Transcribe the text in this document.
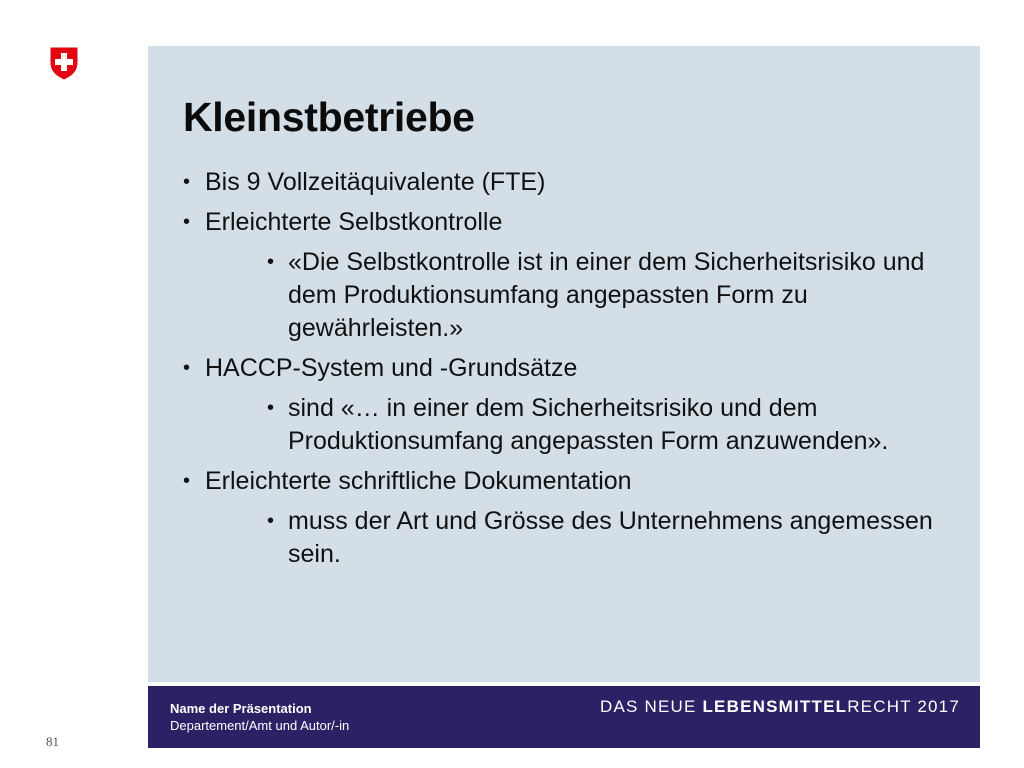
Kleinstbetriebe
• Bis 9 Vollzeitäquivalente (FTE)
• Erleichterte Selbstkontrolle
• «Die Selbstkontrolle ist in einer dem Sicherheitsrisiko und dem Produktionsumfang angepassten Form zu gewährleisten.»
• HACCP-System und -Grundsätze
• sind «… in einer dem Sicherheitsrisiko und dem Produktionsumfang angepassten Form anzuwenden».
• Erleichterte schriftliche Dokumentation
• muss der Art und Grösse des Unternehmens angemessen sein.
Name der Präsentation
Departement/Amt und Autor/-in
DAS NEUE LEBENSMITTELRECHT 2017
81
